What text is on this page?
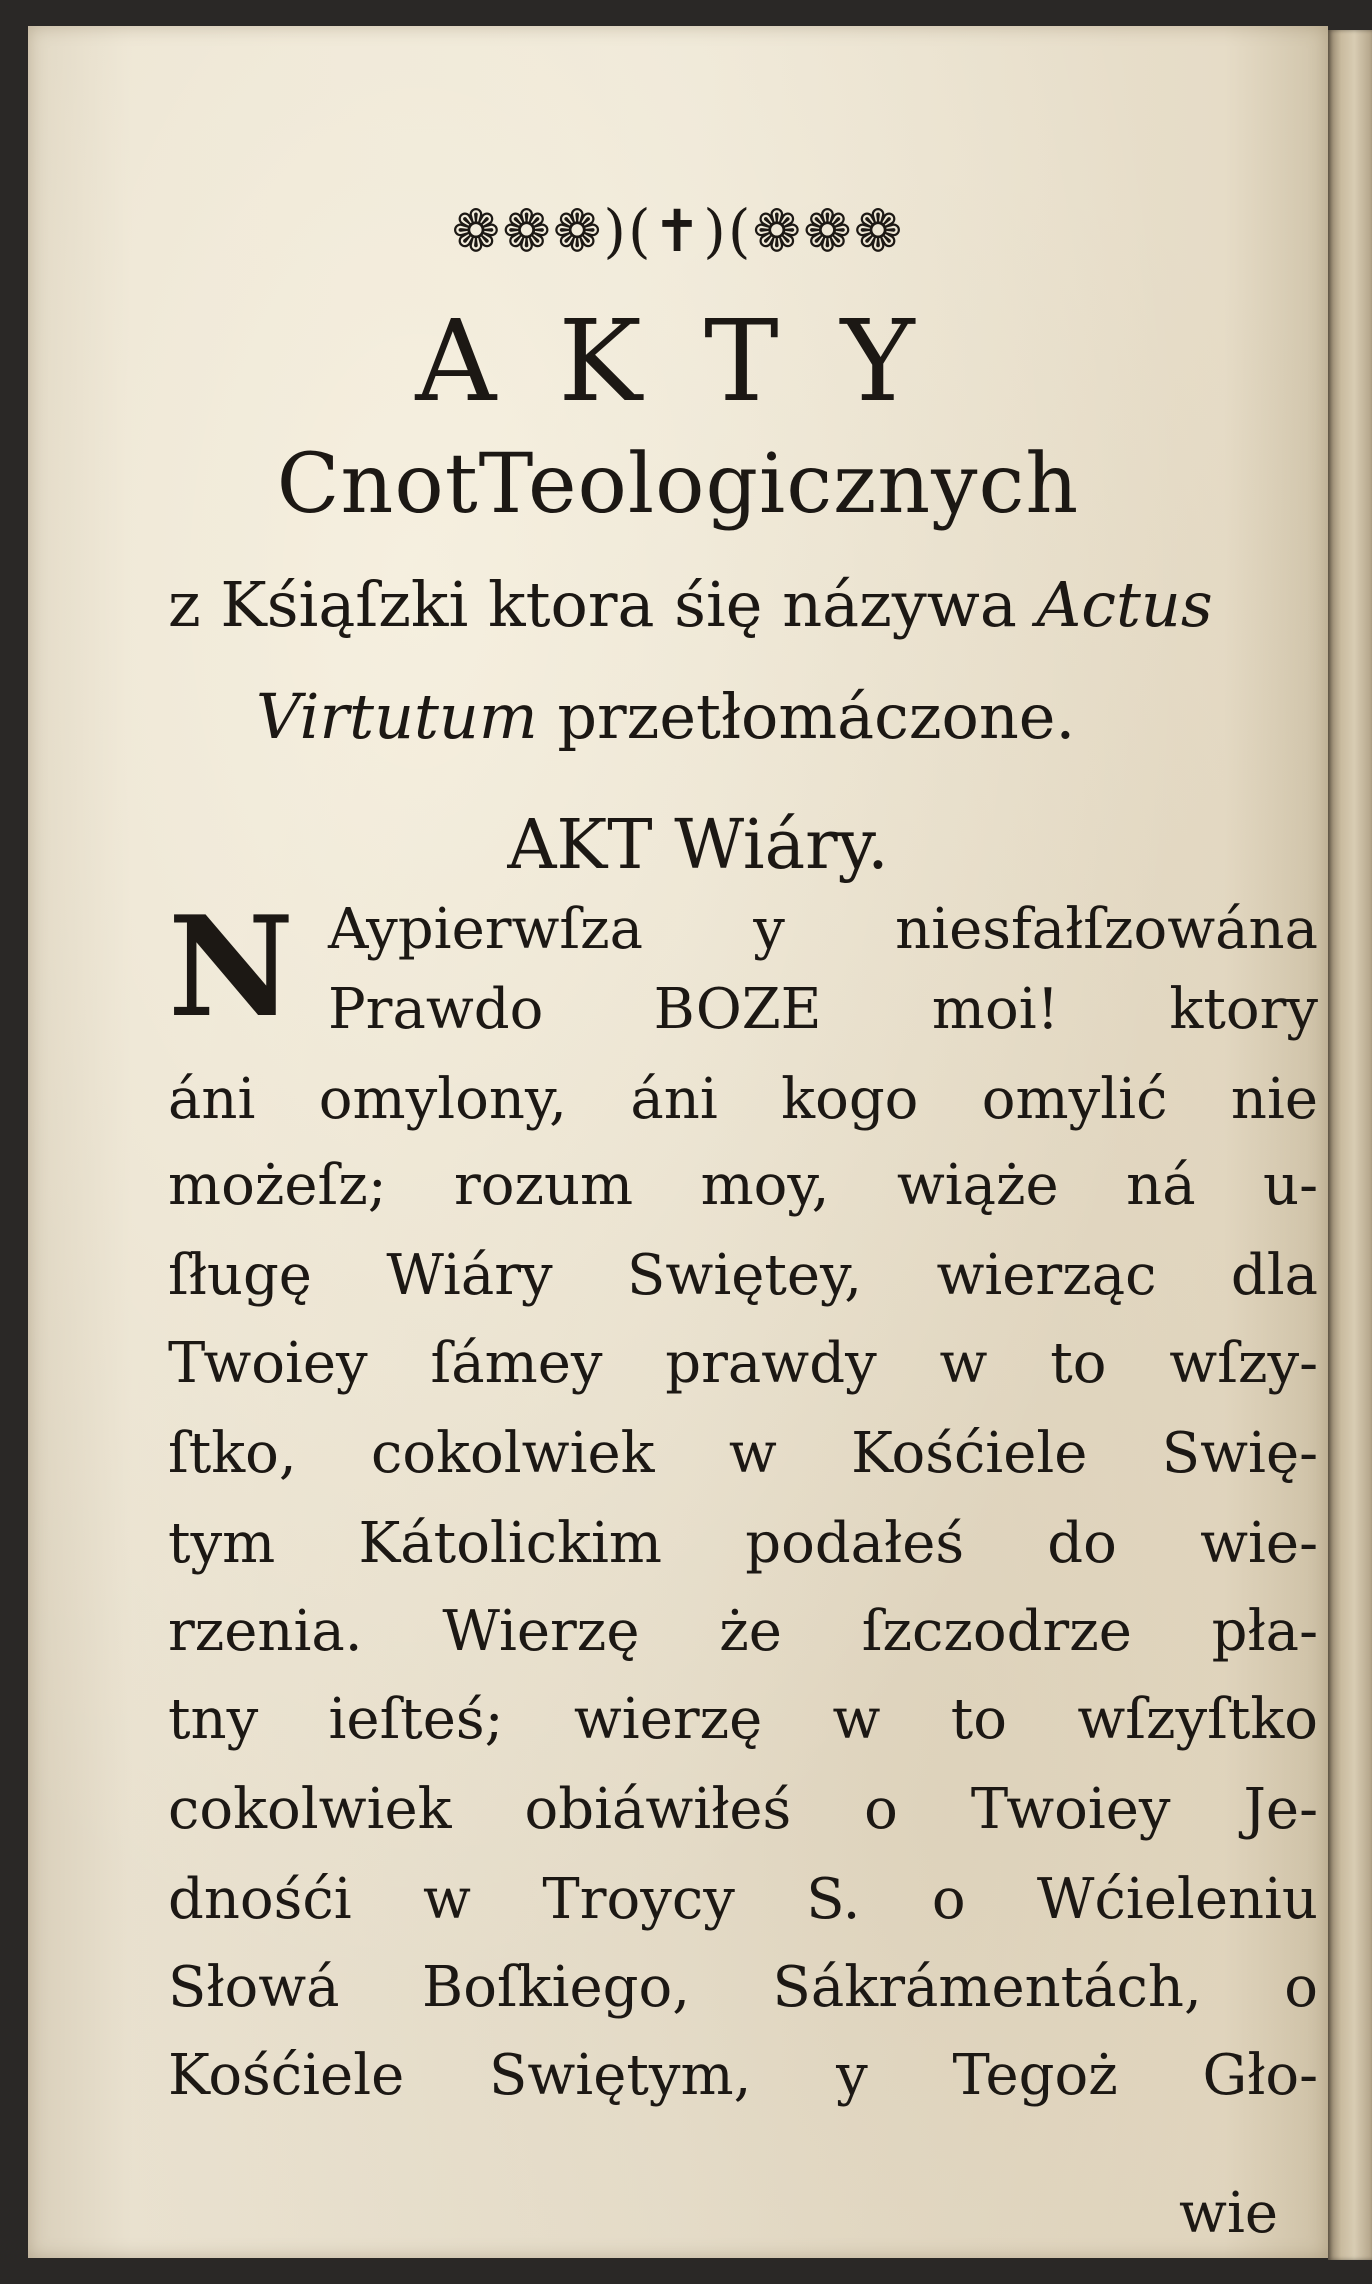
❁❁❁)(✝)(❁❁❁
AKTY
CnotTeologicznych
z Kśiąſzki ktora śię názywa Actus
Virtutum przetłomáczone.
AKT Wiáry.
N Aypierwſza y niesfałſzowána
Prawdo BOZE moi! ktory
áni omylony, áni kogo omylić nie
możeſz; rozum moy, wiąże ná u-
ſługę Wiáry Swiętey, wierząc dla
Twoiey ſámey prawdy w to wſzy-
ſtko, cokolwiek w Kośćiele Swię-
tym Kátolickim podałeś do wie-
rzenia. Wierzę że ſzczodrze pła-
tny ieſteś; wierzę w to wſzyſtko
cokolwiek obiáwiłeś o Twoiey Je-
dnośći w Troycy S. o Wćieleniu
Słowá Boſkiego, Sákrámentách, o
Kośćiele Swiętym, y Tegoż Gło-
wie
